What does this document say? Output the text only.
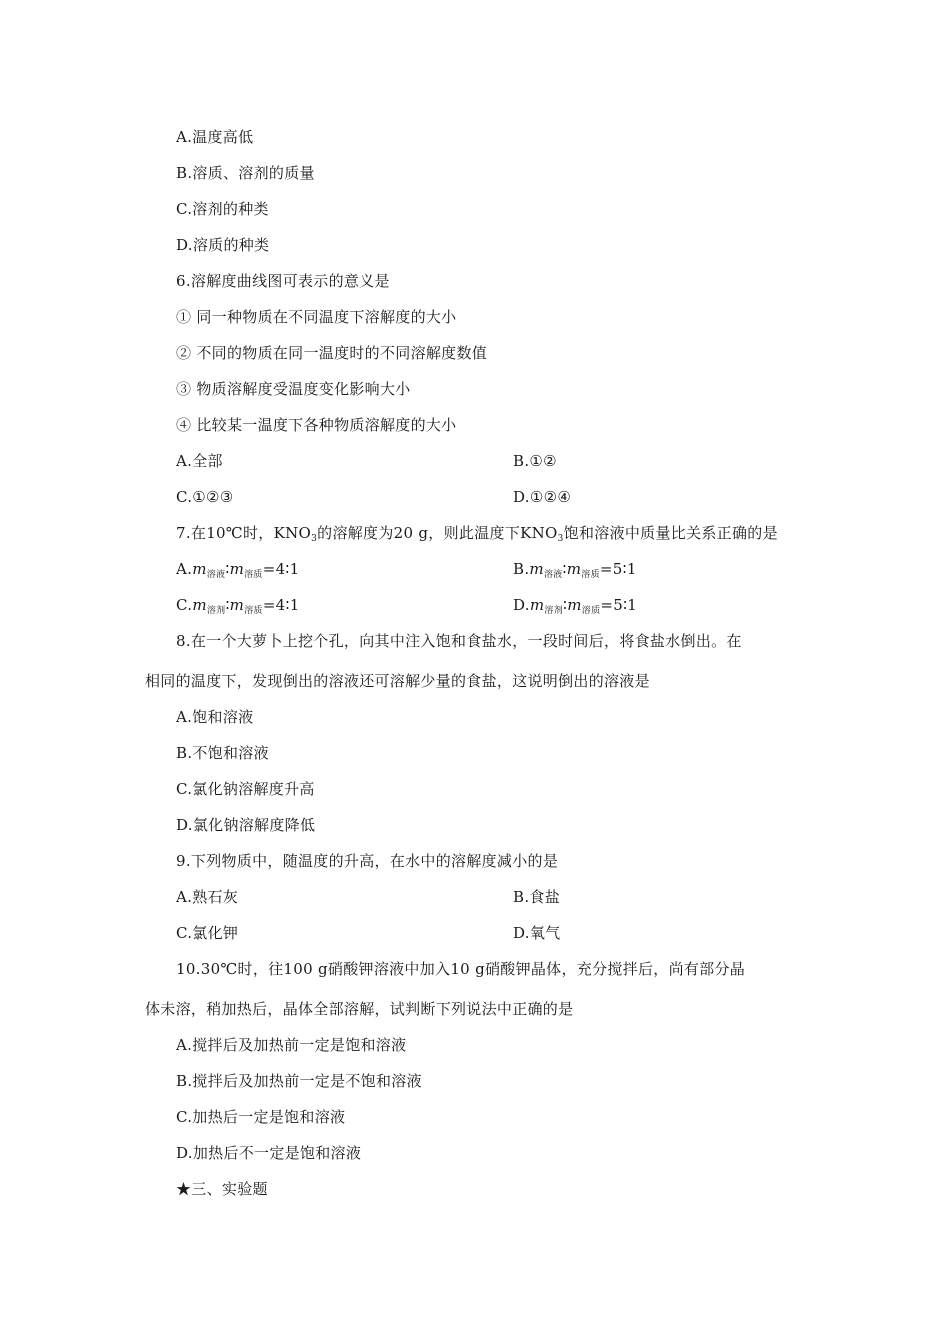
A.温度高低
B.溶质、溶剂的质量
C.溶剂的种类
D.溶质的种类
6.溶解度曲线图可表示的意义是
① 同一种物质在不同温度下溶解度的大小
② 不同的物质在同一温度时的不同溶解度数值
③ 物质溶解度受温度变化影响大小
④ 比较某一温度下各种物质溶解度的大小
A.全部	B.①②
C.①②③	D.①②④
7.在10℃时，$KNO_3$的溶解度为20 g，则此温度下$KNO_3$饱和溶液中质量比关系正确的是
$A.m_{溶液}∶m_{溶质}=4∶1$	$B.m_{溶液}∶m_{溶质}=5∶1$
$C.m_{溶剂}∶m_{溶质}=4∶1$	$D.m_{溶剂}∶m_{溶质}=5∶1$
8.在一个大萝卜上挖个孔，向其中注入饱和食盐水，一段时间后，将食盐水倒出。在
相同的温度下，发现倒出的溶液还可溶解少量的食盐，这说明倒出的溶液是
A.饱和溶液
B.不饱和溶液
C.氯化钠溶解度升高
D.氯化钠溶解度降低
9.下列物质中，随温度的升高，在水中的溶解度减小的是
A.熟石灰	B.食盐
C.氯化钾	D.氧气
10.30℃时，往100 g硝酸钾溶液中加入10 g硝酸钾晶体，充分搅拌后，尚有部分晶
体未溶，稍加热后，晶体全部溶解，试判断下列说法中正确的是
A.搅拌后及加热前一定是饱和溶液
B.搅拌后及加热前一定是不饱和溶液
C.加热后一定是饱和溶液
D.加热后不一定是饱和溶液
★三、实验题
